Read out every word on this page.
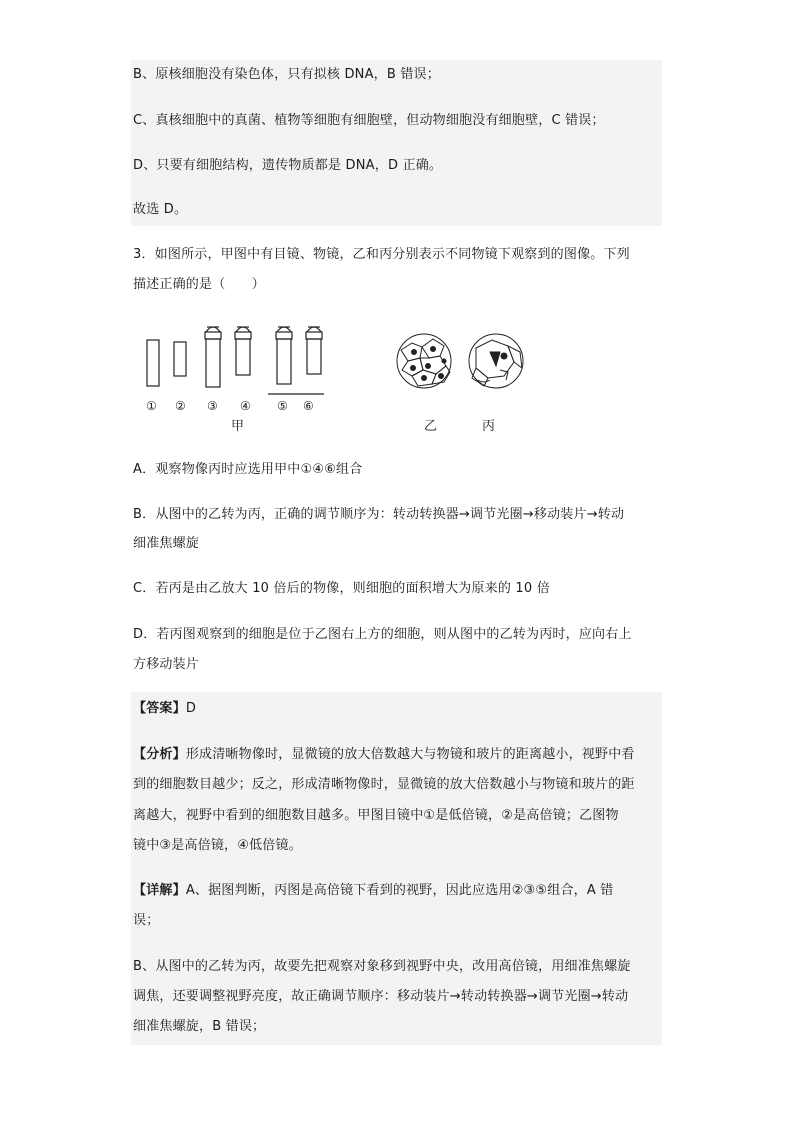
B、原核细胞没有染色体，只有拟核 DNA，B 错误；
C、真核细胞中的真菌、植物等细胞有细胞壁，但动物细胞没有细胞壁，C 错误；
D、只要有细胞结构，遗传物质都是 DNA，D 正确。
故选 D。
3．如图所示，甲图中有目镜、物镜，乙和丙分别表示不同物镜下观察到的图像。下列
描述正确的是（　　）
① ② ③ ④ ⑤ ⑥
甲	乙	丙
A．观察物像丙时应选用甲中①④⑥组合
B．从图中的乙转为丙，正确的调节顺序为：转动转换器→调节光圈→移动装片→转动
细准焦螺旋
C．若丙是由乙放大 10 倍后的物像，则细胞的面积增大为原来的 10 倍
D．若丙图观察到的细胞是位于乙图右上方的细胞，则从图中的乙转为丙时，应向右上
方移动装片
【答案】D
【分析】形成清晰物像时，显微镜的放大倍数越大与物镜和玻片的距离越小，视野中看
到的细胞数目越少；反之，形成清晰物像时，显微镜的放大倍数越小与物镜和玻片的距
离越大，视野中看到的细胞数目越多。甲图目镜中①是低倍镜，②是高倍镜；乙图物
镜中③是高倍镜，④低倍镜。
【详解】A、据图判断，丙图是高倍镜下看到的视野，因此应选用②③⑤组合，A 错
误；
B、从图中的乙转为丙，故要先把观察对象移到视野中央，改用高倍镜，用细准焦螺旋
调焦，还要调整视野亮度，故正确调节顺序：移动装片→转动转换器→调节光圈→转动
细准焦螺旋，B 错误；
